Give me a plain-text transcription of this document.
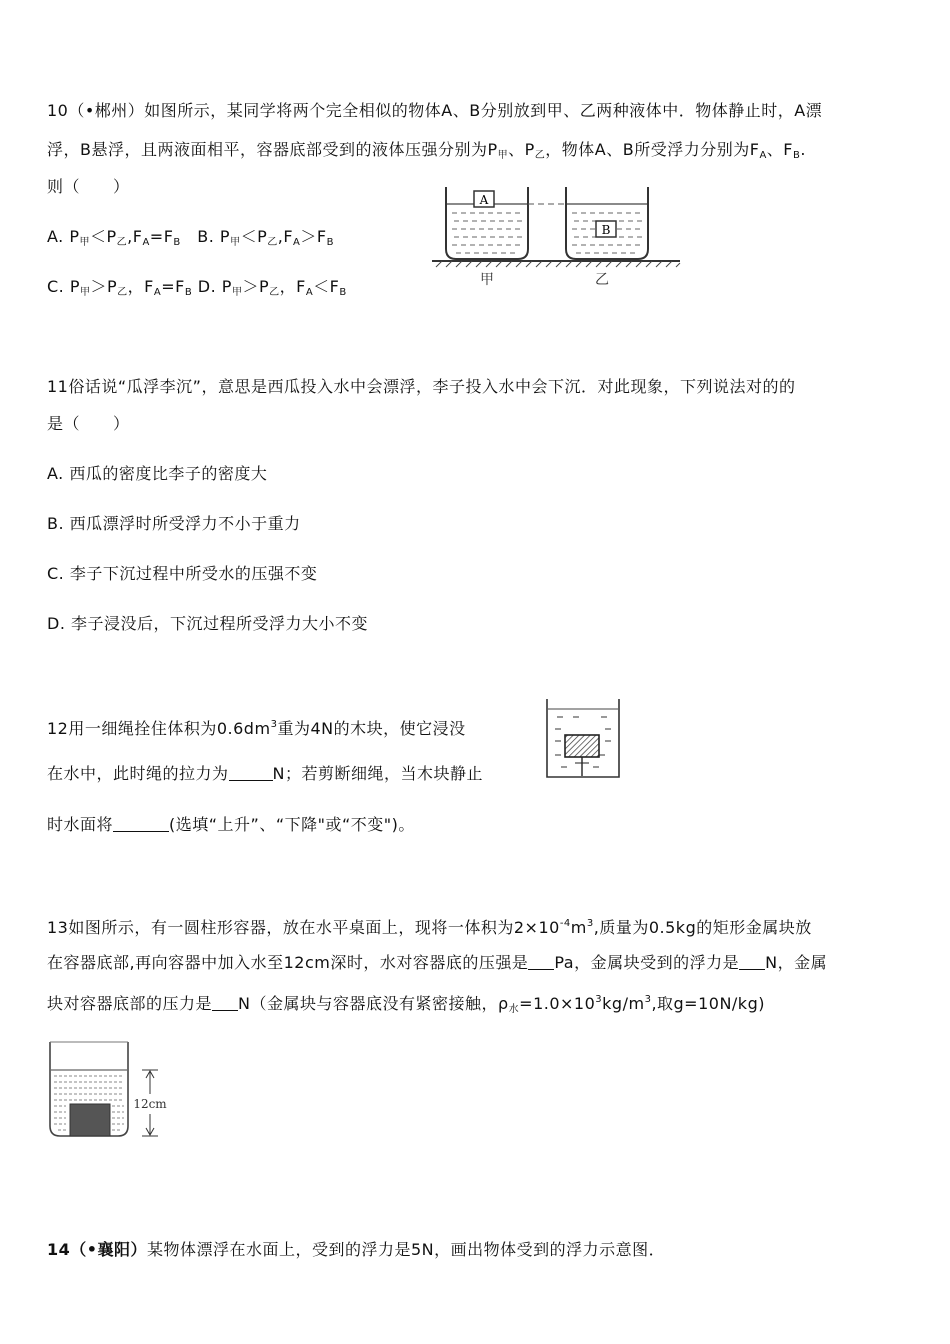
10（•郴州）如图所示，某同学将两个完全相似的物体A、B分别放到甲、乙两种液体中．物体静止时，A漂
浮，B悬浮，且两液面相平，容器底部受到的液体压强分别为$P_甲$、$P_乙$，物体A、B所受浮力分别为$F_A$、$F_B$.
则（　　）
A. $P_甲<P_乙,F_A=F_B$　B. $P_甲<P_乙,F_A>F_B$
C. $P_甲>P_乙$，$F_A=F_B$ D. $P_甲>P_乙$，$F_A<F_B$
A
B
甲	乙
11俗话说“瓜浮李沉”，意思是西瓜投入水中会漂浮，李子投入水中会下沉．对此现象，下列说法对的的
是（　　）
A. 西瓜的密度比李子的密度大
B. 西瓜漂浮时所受浮力不小于重力
C. 李子下沉过程中所受水的压强不变
D. 李子浸没后，下沉过程所受浮力大小不变
12用一细绳拴住体积为$0.6dm^3$重为4N的木块，使它浸没
在水中，此时绳的拉力为	N；若剪断细绳，当木块静止
时水面将	(选填“上升”、“下降"或“不变")。
13如图所示，有一圆柱形容器，放在水平桌面上，现将一体积为$2\times 10^{-4}m^3$,质量为0.5kg的矩形金属块放
在容器底部,再向容器中加入水至12cm深时，水对容器底的压强是 Pa，金属块受到的浮力是 N，金属
块对容器底部的压力是 N（金属块与容器底没有紧密接触，$\rho_水=1.0\times 10^3kg/m^3$,取g=10N/kg)
12cm
14（•襄阳）某物体漂浮在水面上，受到的浮力是5N，画出物体受到的浮力示意图．
